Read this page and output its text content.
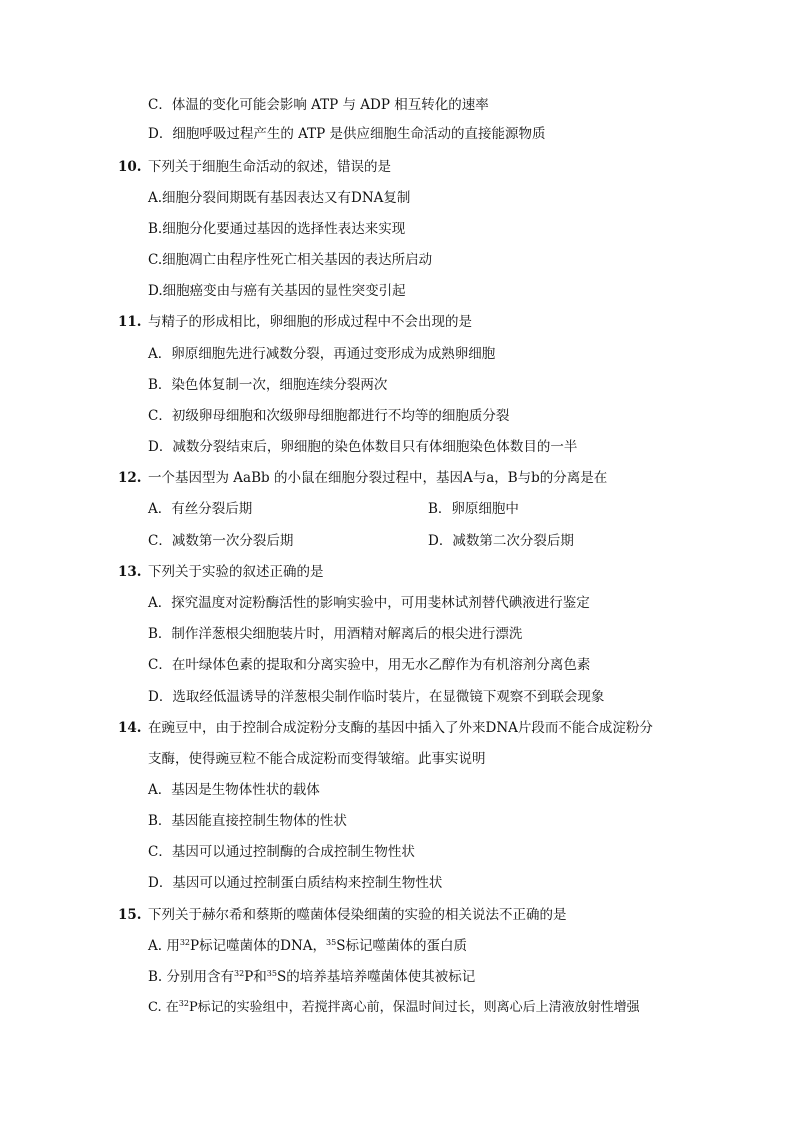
C．体温的变化可能会影响 ATP 与 ADP 相互转化的速率
D．细胞呼吸过程产生的 ATP 是供应细胞生命活动的直接能源物质
10. 下列关于细胞生命活动的叙述，错误的是
A.细胞分裂间期既有基因表达又有DNA复制
B.细胞分化要通过基因的选择性表达来实现
C.细胞凋亡由程序性死亡相关基因的表达所启动
D.细胞癌变由与癌有关基因的显性突变引起
11. 与精子的形成相比，卵细胞的形成过程中不会出现的是
A．卵原细胞先进行减数分裂，再通过变形成为成熟卵细胞
B．染色体复制一次，细胞连续分裂两次
C．初级卵母细胞和次级卵母细胞都进行不均等的细胞质分裂
D．减数分裂结束后，卵细胞的染色体数目只有体细胞染色体数目的一半
12. 一个基因型为 AaBb 的小鼠在细胞分裂过程中，基因A与a，B与b的分离是在
A．有丝分裂后期	B．卵原细胞中
C．减数第一次分裂后期	D．减数第二次分裂后期
13. 下列关于实验的叙述正确的是
A．探究温度对淀粉酶活性的影响实验中，可用斐林试剂替代碘液进行鉴定
B．制作洋葱根尖细胞装片时，用酒精对解离后的根尖进行漂洗
C．在叶绿体色素的提取和分离实验中，用无水乙醇作为有机溶剂分离色素
D．选取经低温诱导的洋葱根尖制作临时装片，在显微镜下观察不到联会现象
14. 在豌豆中，由于控制合成淀粉分支酶的基因中插入了外来DNA片段而不能合成淀粉分
支酶，使得豌豆粒不能合成淀粉而变得皱缩。此事实说明
A．基因是生物体性状的载体
B．基因能直接控制生物体的性状
C．基因可以通过控制酶的合成控制生物性状
D．基因可以通过控制蛋白质结构来控制生物性状
15. 下列关于赫尔希和蔡斯的噬菌体侵染细菌的实验的相关说法不正确的是
A. 用$^{32}$P标记噬菌体的DNA，$^{35}$S标记噬菌体的蛋白质
B. 分别用含有$^{32}$P和$^{35}$S的培养基培养噬菌体使其被标记
C. 在$^{32}$P标记的实验组中，若搅拌离心前，保温时间过长，则离心后上清液放射性增强
